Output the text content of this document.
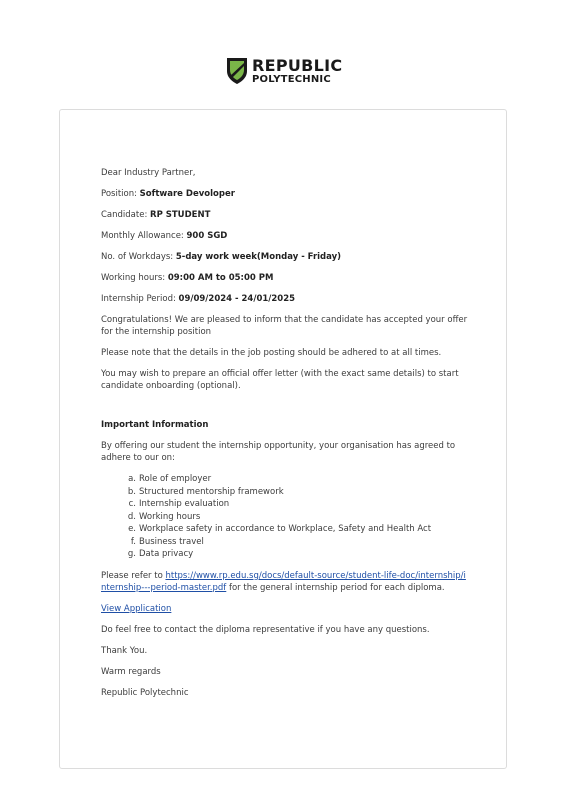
REPUBLIC
POLYTECHNIC

Dear Industry Partner,

Position: Software Devoloper

Candidate: RP STUDENT

Monthly Allowance: 900 SGD

No. of Workdays: 5-day work week(Monday - Friday)

Working hours: 09:00 AM to 05:00 PM

Internship Period: 09/09/2024 - 24/01/2025

Congratulations! We are pleased to inform that the candidate has accepted your offer for the internship position

Please note that the details in the job posting should be adhered to at all times.

You may wish to prepare an official offer letter (with the exact same details) to start candidate onboarding (optional).

Important Information

By offering our student the internship opportunity, your organisation has agreed to adhere to our on:

a. Role of employer
b. Structured mentorship framework
c. Internship evaluation
d. Working hours
e. Workplace safety in accordance to Workplace, Safety and Health Act
f. Business travel
g. Data privacy

Please refer to https://www.rp.edu.sg/docs/default-source/student-life-doc/internship/internship---period-master.pdf for the general internship period for each diploma.

View Application

Do feel free to contact the diploma representative if you have any questions.

Thank You.

Warm regards

Republic Polytechnic
